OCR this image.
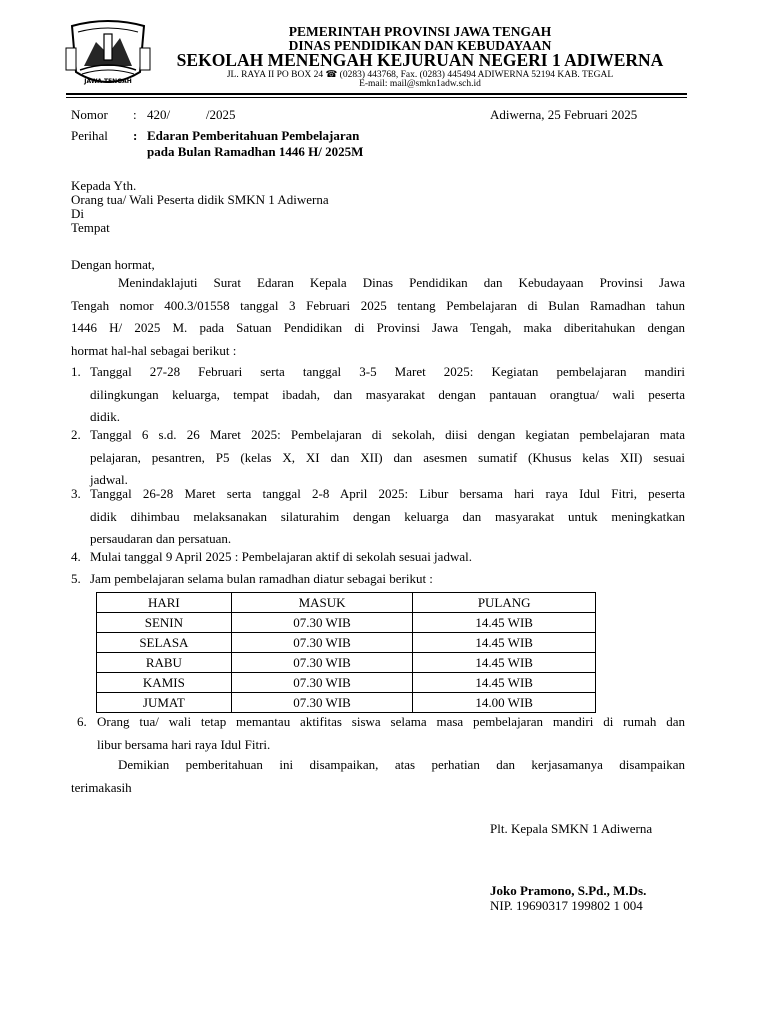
JAWA TENGAH
PEMERINTAH PROVINSI JAWA TENGAH
DINAS PENDIDIKAN DAN KEBUDAYAAN
SEKOLAH MENENGAH KEJURUAN NEGERI 1 ADIWERNA
JL. RAYA II PO BOX 24 ☎ (0283) 443768, Fax. (0283) 445494 ADIWERNA 52194 KAB. TEGAL
E-mail: mail@smkn1adw.sch.id
Nomor : 420/           /2025	Adiwerna, 25 Februari 2025
Perihal : Edaran Pemberitahuan Pembelajaran
pada Bulan Ramadhan 1446 H/ 2025M
Kepada Yth.
Orang tua/ Wali Peserta didik SMKN 1 Adiwerna
Di
Tempat
Dengan hormat,
Menindaklajuti Surat Edaran Kepala Dinas Pendidikan dan Kebudayaan Provinsi Jawa
Tengah nomor 400.3/01558 tanggal 3 Februari 2025 tentang Pembelajaran di Bulan Ramadhan tahun
1446 H/ 2025 M. pada Satuan Pendidikan di Provinsi Jawa Tengah, maka diberitahukan dengan
hormat hal-hal sebagai berikut :
1. Tanggal 27-28 Februari serta tanggal 3-5 Maret 2025: Kegiatan pembelajaran mandiri
dilingkungan keluarga, tempat ibadah, dan masyarakat dengan pantauan orangtua/ wali peserta
didik.
2. Tanggal 6 s.d. 26 Maret 2025: Pembelajaran di sekolah, diisi dengan kegiatan pembelajaran mata
pelajaran, pesantren, P5 (kelas X, XI dan XII) dan asesmen sumatif (Khusus kelas XII) sesuai
jadwal.
3. Tanggal 26-28 Maret serta tanggal 2-8 April 2025: Libur bersama hari raya Idul Fitri, peserta
didik dihimbau melaksanakan silaturahim dengan keluarga dan masyarakat untuk meningkatkan
persaudaran dan persatuan.
4. Mulai tanggal 9 April 2025 : Pembelajaran aktif di sekolah sesuai jadwal.
5. Jam pembelajaran selama bulan ramadhan diatur sebagai berikut :
HARI	MASUK	PULANG
SENIN	07.30 WIB	14.45 WIB
SELASA	07.30 WIB	14.45 WIB
RABU	07.30 WIB	14.45 WIB
KAMIS	07.30 WIB	14.45 WIB
JUMAT	07.30 WIB	14.00 WIB
6. Orang tua/ wali tetap memantau aktifitas siswa selama masa pembelajaran mandiri di rumah dan
libur bersama hari raya Idul Fitri.
Demikian pemberitahuan ini disampaikan, atas perhatian dan kerjasamanya disampaikan
terimakasih
Plt. Kepala SMKN 1 Adiwerna
Joko Pramono, S.Pd., M.Ds.
NIP. 19690317 199802 1 004
